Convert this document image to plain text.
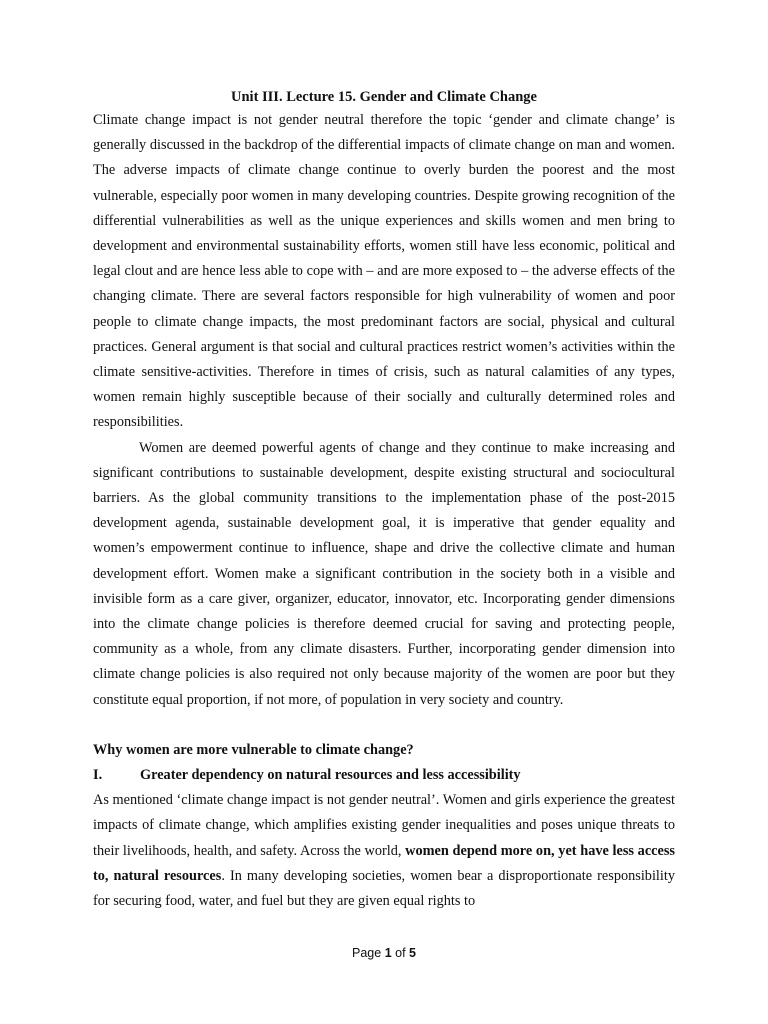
Unit III. Lecture 15. Gender and Climate Change

Climate change impact is not gender neutral therefore the topic ‘gender and climate change’ is generally discussed in the backdrop of the differential impacts of climate change on man and women. The adverse impacts of climate change continue to overly burden the poorest and the most vulnerable, especially poor women in many developing countries. Despite growing recognition of the differential vulnerabilities as well as the unique experiences and skills women and men bring to development and environmental sustainability efforts, women still have less economic, political and legal clout and are hence less able to cope with – and are more exposed to – the adverse effects of the changing climate. There are several factors responsible for high vulnerability of women and poor people to climate change impacts, the most predominant factors are social, physical and cultural practices. General argument is that social and cultural practices restrict women’s activities within the climate sensitive-activities. Therefore in times of crisis, such as natural calamities of any types, women remain highly susceptible because of their socially and culturally determined roles and responsibilities.

Women are deemed powerful agents of change and they continue to make increasing and significant contributions to sustainable development, despite existing structural and sociocultural barriers. As the global community transitions to the implementation phase of the post-2015 development agenda, sustainable development goal, it is imperative that gender equality and women’s empowerment continue to influence, shape and drive the collective climate and human development effort. Women make a significant contribution in the society both in a visible and invisible form as a care giver, organizer, educator, innovator, etc. Incorporating gender dimensions into the climate change policies is therefore deemed crucial for saving and protecting people, community as a whole, from any climate disasters. Further, incorporating gender dimension into climate change policies is also required not only because majority of the women are poor but they constitute equal proportion, if not more, of population in very society and country.

Why women are more vulnerable to climate change?

I.	Greater dependency on natural resources and less accessibility

As mentioned ‘climate change impact is not gender neutral’. Women and girls experience the greatest impacts of climate change, which amplifies existing gender inequalities and poses unique threats to their livelihoods, health, and safety. Across the world, women depend more on, yet have less access to, natural resources. In many developing societies, women bear a disproportionate responsibility for securing food, water, and fuel but they are given equal rights to

Page 1 of 5
